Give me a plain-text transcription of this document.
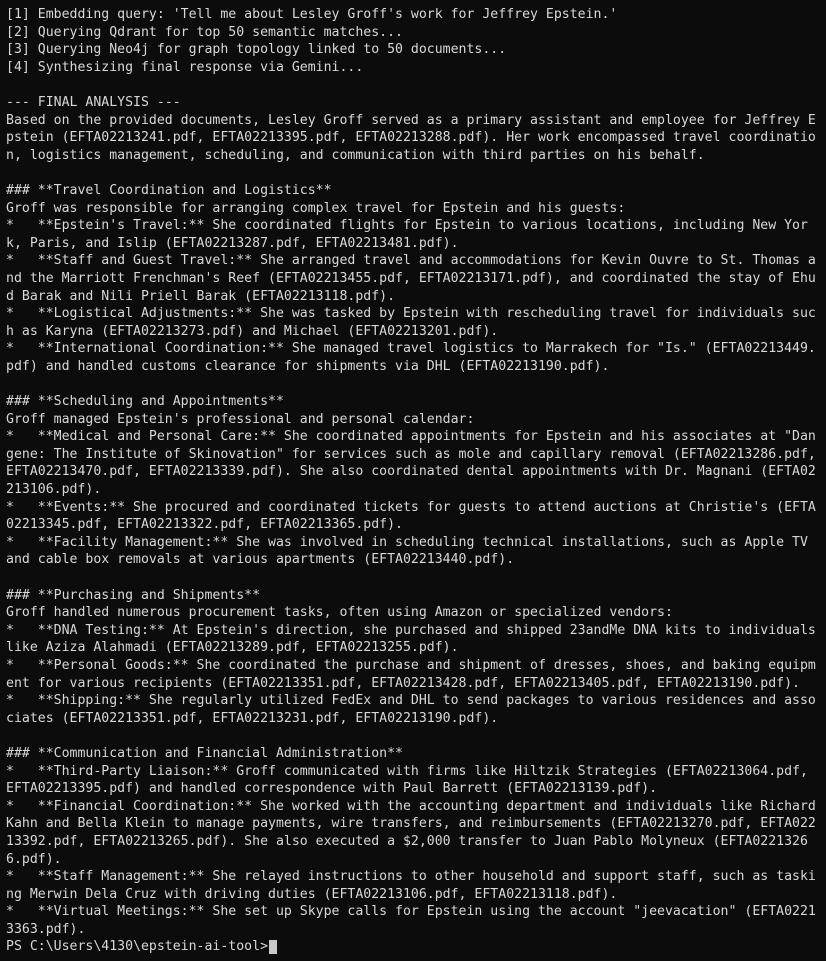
[1] Embedding query: 'Tell me about Lesley Groff's work for Jeffrey Epstein.'
[2] Querying Qdrant for top 50 semantic matches...
[3] Querying Neo4j for graph topology linked to 50 documents...
[4] Synthesizing final response via Gemini...
--- FINAL ANALYSIS ---
Based on the provided documents, Lesley Groff served as a primary assistant and employee for Jeffrey Epstein (EFTA02213241.pdf, EFTA02213395.pdf, EFTA02213288.pdf). Her work encompassed travel coordination, logistics management, scheduling, and communication with third parties on his behalf.
### **Travel Coordination and Logistics**
Groff was responsible for arranging complex travel for Epstein and his guests:
*   **Epstein's Travel:** She coordinated flights for Epstein to various locations, including New York, Paris, and Islip (EFTA02213287.pdf, EFTA02213481.pdf).
*   **Staff and Guest Travel:** She arranged travel and accommodations for Kevin Ouvre to St. Thomas and the Marriott Frenchman's Reef (EFTA02213455.pdf, EFTA02213171.pdf), and coordinated the stay of Ehud Barak and Nili Priell Barak (EFTA02213118.pdf).
*   **Logistical Adjustments:** She was tasked by Epstein with rescheduling travel for individuals such as Karyna (EFTA02213273.pdf) and Michael (EFTA02213201.pdf).
*   **International Coordination:** She managed travel logistics to Marrakech for "Is." (EFTA02213449.pdf) and handled customs clearance for shipments via DHL (EFTA02213190.pdf).
### **Scheduling and Appointments**
Groff managed Epstein's professional and personal calendar:
*   **Medical and Personal Care:** She coordinated appointments for Epstein and his associates at "Dangene: The Institute of Skinovation" for services such as mole and capillary removal (EFTA02213286.pdf, EFTA02213470.pdf, EFTA02213339.pdf). She also coordinated dental appointments with Dr. Magnani (EFTA02213106.pdf).
*   **Events:** She procured and coordinated tickets for guests to attend auctions at Christie's (EFTA02213345.pdf, EFTA02213322.pdf, EFTA02213365.pdf).
*   **Facility Management:** She was involved in scheduling technical installations, such as Apple TV and cable box removals at various apartments (EFTA02213440.pdf).
### **Purchasing and Shipments**
Groff handled numerous procurement tasks, often using Amazon or specialized vendors:
*   **DNA Testing:** At Epstein's direction, she purchased and shipped 23andMe DNA kits to individuals like Aziza Alahmadi (EFTA02213289.pdf, EFTA02213255.pdf).
*   **Personal Goods:** She coordinated the purchase and shipment of dresses, shoes, and baking equipment for various recipients (EFTA02213351.pdf, EFTA02213428.pdf, EFTA02213405.pdf, EFTA02213190.pdf).
*   **Shipping:** She regularly utilized FedEx and DHL to send packages to various residences and associates (EFTA02213351.pdf, EFTA02213231.pdf, EFTA02213190.pdf).
### **Communication and Financial Administration**
*   **Third-Party Liaison:** Groff communicated with firms like Hiltzik Strategies (EFTA02213064.pdf, EFTA02213395.pdf) and handled correspondence with Paul Barrett (EFTA02213139.pdf).
*   **Financial Coordination:** She worked with the accounting department and individuals like Richard Kahn and Bella Klein to manage payments, wire transfers, and reimbursements (EFTA02213270.pdf, EFTA02213392.pdf, EFTA02213265.pdf). She also executed a $2,000 transfer to Juan Pablo Molyneux (EFTA02213266.pdf).
*   **Staff Management:** She relayed instructions to other household and support staff, such as tasking Merwin Dela Cruz with driving duties (EFTA02213106.pdf, EFTA02213118.pdf).
*   **Virtual Meetings:** She set up Skype calls for Epstein using the account "jeevacation" (EFTA02213363.pdf).
PS C:\Users\4130\epstein-ai-tool>
